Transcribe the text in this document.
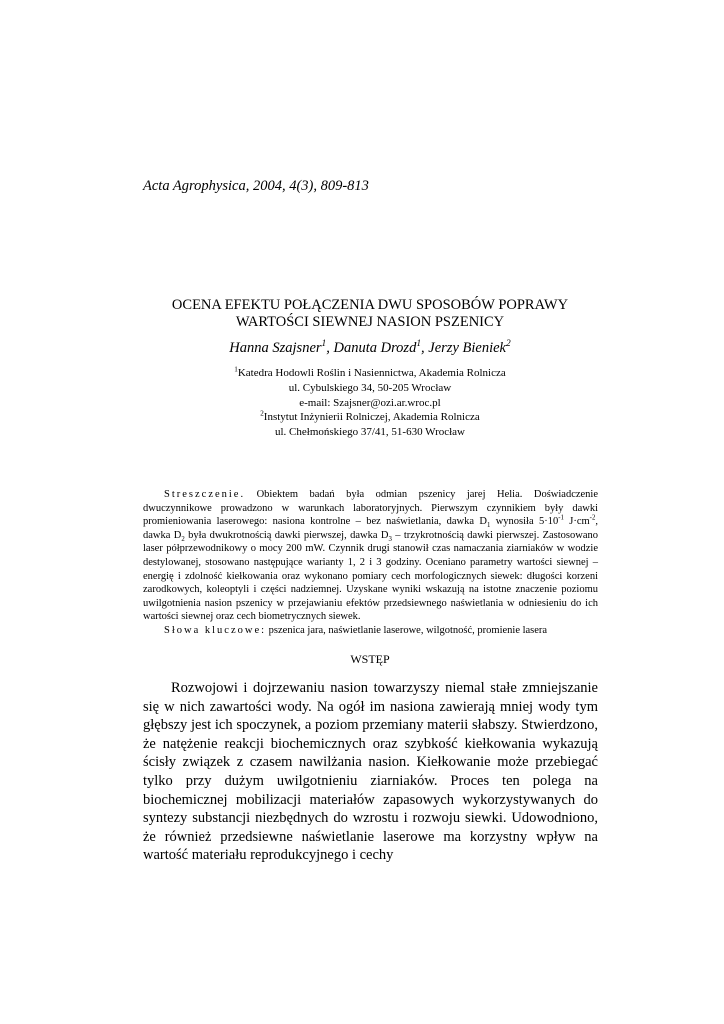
Acta Agrophysica, 2004, 4(3), 809-813
OCENA EFEKTU POŁĄCZENIA DWU SPOSOBÓW POPRAWY
WARTOŚCI SIEWNEJ NASION PSZENICY
Hanna Szajsner$^1$, Danuta Drozd$^1$, Jerzy Bieniek$^2$
$^1$Katedra Hodowli Roślin i Nasiennictwa, Akademia Rolnicza
ul. Cybulskiego 34, 50-205 Wrocław
e-mail: Szajsner@ozi.ar.wroc.pl
$^2$Instytut Inżynierii Rolniczej, Akademia Rolnicza
ul. Chełmońskiego 37/41, 51-630 Wrocław

Streszczenie. Obiektem badań była odmian pszenicy jarej Helia. Doświadczenie dwuczynnikowe prowadzono w warunkach laboratoryjnych. Pierwszym czynnikiem były dawki promieniowania laserowego: nasiona kontrolne – bez naświetlania, dawka $D_1$ wynosiła $5\cdot 10^{-1}$ $J\cdot cm^{-2}$, dawka $D_2$ była dwukrotnością dawki pierwszej, dawka $D_3$ – trzykrotnością dawki pierwszej. Zastosowano laser półprzewodnikowy o mocy 200 mW. Czynnik drugi stanowił czas namaczania ziarniaków w wodzie destylowanej, stosowano następujące warianty 1, 2 i 3 godziny. Oceniano parametry wartości siewnej – energię i zdolność kiełkowania oraz wykonano pomiary cech morfologicznych siewek: długości korzeni zarodkowych, koleoptyli i części nadziemnej. Uzyskane wyniki wskazują na istotne znaczenie poziomu uwilgotnienia nasion pszenicy w przejawianiu efektów przedsiewnego naświetlania w odniesieniu do ich wartości siewnej oraz cech biometrycznych siewek.

Słowa kluczowe: pszenica jara, naświetlanie laserowe, wilgotność, promienie lasera

WSTĘP

Rozwojowi i dojrzewaniu nasion towarzyszy niemal stałe zmniejszanie się w nich zawartości wody. Na ogół im nasiona zawierają mniej wody tym głębszy jest ich spoczynek, a poziom przemiany materii słabszy. Stwierdzono, że natężenie reakcji biochemicznych oraz szybkość kiełkowania wykazują ścisły związek z czasem nawilżania nasion. Kiełkowanie może przebiegać tylko przy dużym uwilgotnieniu ziarniaków. Proces ten polega na biochemicznej mobilizacji materiałów zapasowych wykorzystywanych do syntezy substancji niezbędnych do wzrostu i rozwoju siewki. Udowodniono, że również przedsiewne naświetlanie laserowe ma korzystny wpływ na wartość materiału reprodukcyjnego i cechy
